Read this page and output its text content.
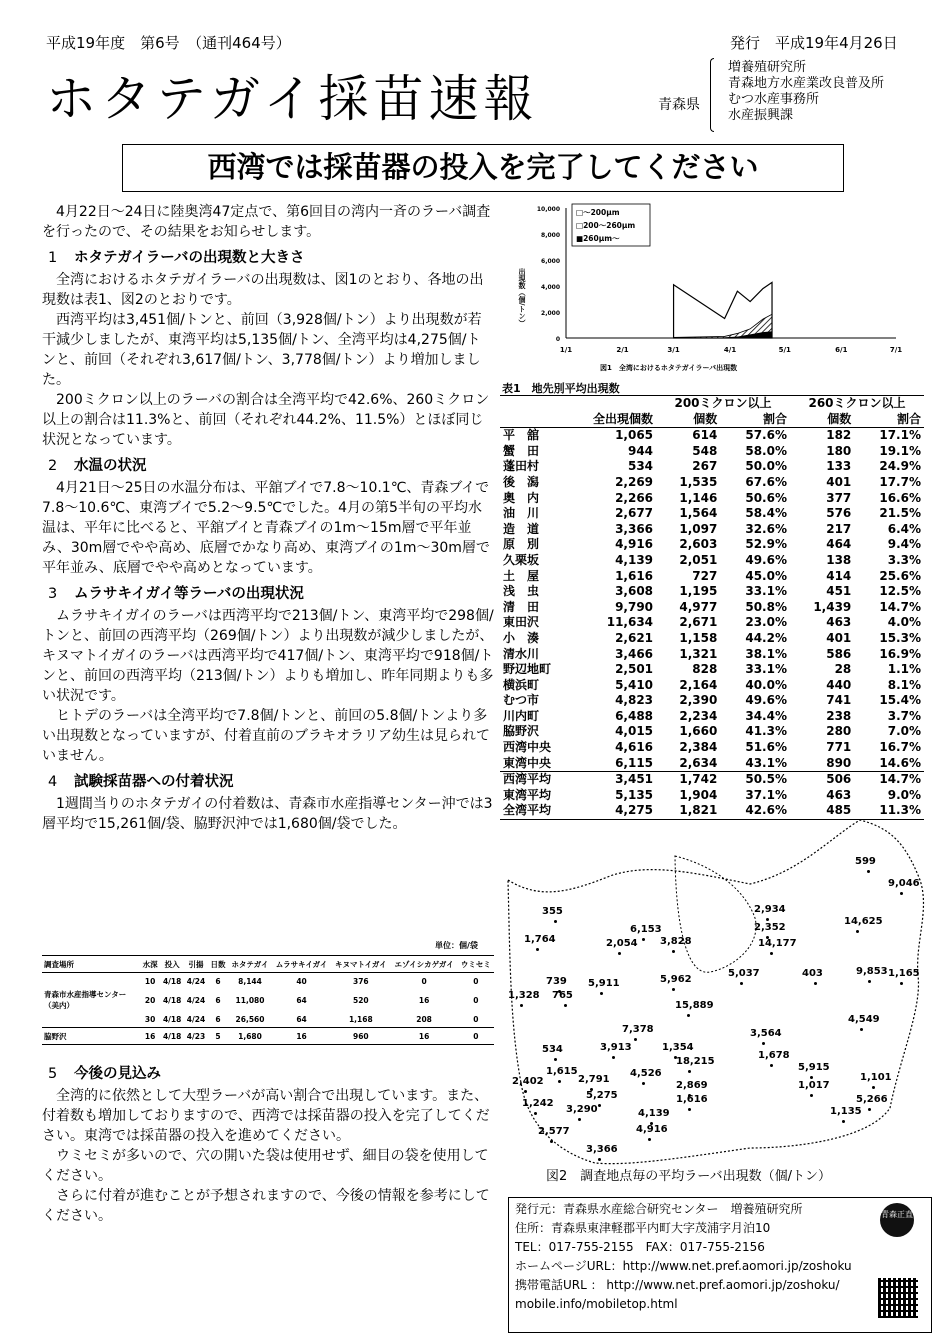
平成19年度　第6号　（通刊464号）	発行　平成19年4月26日
ホタテガイ採苗速報	青森県
増養殖研究所
青森地方水産業改良普及所
むつ水産事務所
水産振興課
西湾では採苗器の投入を完了してください

4月22日～24日に陸奥湾47定点で、第6回目の湾内一斉のラーバ調査を行ったので、その結果をお知らせします。

1 ホタテガイラーバの出現数と大きさ

全湾におけるホタテガイラーバの出現数は、図1のとおり、各地の出現数は表1、図2のとおりです。

西湾平均は3,451個/トンと、前回（3,928個/トン）より出現数が若干減少しましたが、東湾平均は5,135個/トン、全湾平均は4,275個/トンと、前回（それぞれ3,617個/トン、3,778個/トン）より増加しました。

200ミクロン以上のラーバの割合は全湾平均で42.6%、260ミクロン以上の割合は11.3%と、前回（それぞれ44.2%、11.5%）とほぼ同じ状況となっています。

2 水温の状況

4月21日～25日の水温分布は、平舘ブイで7.8～10.1℃、青森ブイで7.8～10.6℃、東湾ブイで5.2～9.5℃でした。4月の第5半旬の平均水温は、平年に比べると、平舘ブイと青森ブイの1m～15m層で平年並み、30m層でやや高め、底層でかなり高め、東湾ブイの1m～30m層で平年並み、底層でやや高めとなっています。

3 ムラサキイガイ等ラーバの出現状況

ムラサキイガイのラーバは西湾平均で213個/トン、東湾平均で298個/トンと、前回の西湾平均（269個/トン）より出現数が減少しましたが、キヌマトイガイのラーバは西湾平均で417個/トン、東湾平均で918個/トンと、前回の西湾平均（213個/トン）よりも増加し、昨年同期よりも多い状況です。

ヒトデのラーバは全湾平均で7.8個/トンと、前回の5.8個/トンより多い出現数となっていますが、付着直前のブラキオラリア幼生は見られていません。

4 試験採苗器への付着状況

1週間当りのホタテガイの付着数は、青森市水産指導センター沖では3層平均で15,261個/袋、脇野沢沖では1,680個/袋でした。

単位：個/袋
調査場所	水深	投入	引揚	日数	ホタテガイ	ムラサキイガイ	キヌマトイガイ	エゾイシカゲガイ	ウミセミ
	10	4/18	4/24	6	8,144	40	376	0	0
青森市水産指導センター（美内）	20	4/18	4/24	6	11,080	64	520	16	0
	30	4/18	4/24	6	26,560	64	1,168	208	0
脇野沢	16	4/18	4/23	5	1,680	16	960	16	0
5 今後の見込み

全湾的に依然として大型ラーバが高い割合で出現しています。また、付着数も増加しておりますので、西湾では採苗器の投入を完了してください。東湾では採苗器の投入を進めてください。

ウミセミが多いので、穴の開いた袋は使用せず、細目の袋を使用してください。

さらに付着が進むことが予想されますので、今後の情報を参考にしてください。

0
2,000
4,000
6,000
8,000
10,000
1/1	2/1	3/1	4/1	5/1	6/1	7/1
□～200μm
□200～260μm
■260μm～
出現数（個/トン）
図1　全湾におけるホタテガイラーバ出現数
表1　地先別平均出現数
		200ミクロン以上		260ミクロン以上	
	全出現個数	個数	割合	個数	割合
平　舘	1,065	614	57.6%	182	17.1%
蟹　田	944	548	58.0%	180	19.1%
蓬田村	534	267	50.0%	133	24.9%
後　潟	2,269	1,535	67.6%	401	17.7%
奥　内	2,266	1,146	50.6%	377	16.6%
油　川	2,677	1,564	58.4%	576	21.5%
造　道	3,366	1,097	32.6%	217	6.4%
原　別	4,916	2,603	52.9%	464	9.4%
久栗坂	4,139	2,051	49.6%	138	3.3%
土　屋	1,616	727	45.0%	414	25.6%
浅　虫	3,608	1,195	33.1%	451	12.5%
清　田	9,790	4,977	50.8%	1,439	14.7%
東田沢	11,634	2,671	23.0%	463	4.0%
小　湊	2,621	1,158	44.2%	401	15.3%
清水川	3,466	1,321	38.1%	586	16.9%
野辺地町	2,501	828	33.1%	28	1.1%
横浜町	5,410	2,164	40.0%	440	8.1%
むつ市	4,823	2,390	49.6%	741	15.4%
川内町	6,488	2,234	34.4%	238	3.7%
脇野沢	4,015	1,660	41.3%	280	7.0%
西湾中央	4,616	2,384	51.6%	771	16.7%
東湾中央	6,115	2,634	43.1%	890	14.6%
西湾平均	3,451	1,742	50.5%	506	14.7%
東湾平均	5,135	1,904	37.1%	463	9.0%
全湾平均	4,275	1,821	42.6%	485	11.3%
599
9,046
355	2,934
14,625
1,764
6,153	2,352
2,054 3,828	14,177
5,037	403	9,853 1,165
5,962
739 5,911
1,328 765
15,889
4,549
7,378	3,564
534	3,913	1,354
18,215
1,678
1,615	4,526
5,915
1,101
2,402	2,791
2,869	1,017
5,275	1,616	5,266
1,242
3,290	4,139	1,135
2,577	4,916
3,366
図2　調査地点毎の平均ラーバ出現数（個/トン）
発行元：青森県水産総合研究センター　増養殖研究所
住所：青森県東津軽郡平内町大字茂浦字月泊10
TEL：017-755-2155　FAX：017-755-2156
ホームページURL：http://www.net.pref.aomori.jp/zoshoku
携帯電話URL ： http://www.net.pref.aomori.jp/zoshoku/
mobile.info/mobiletop.html
青森正直
